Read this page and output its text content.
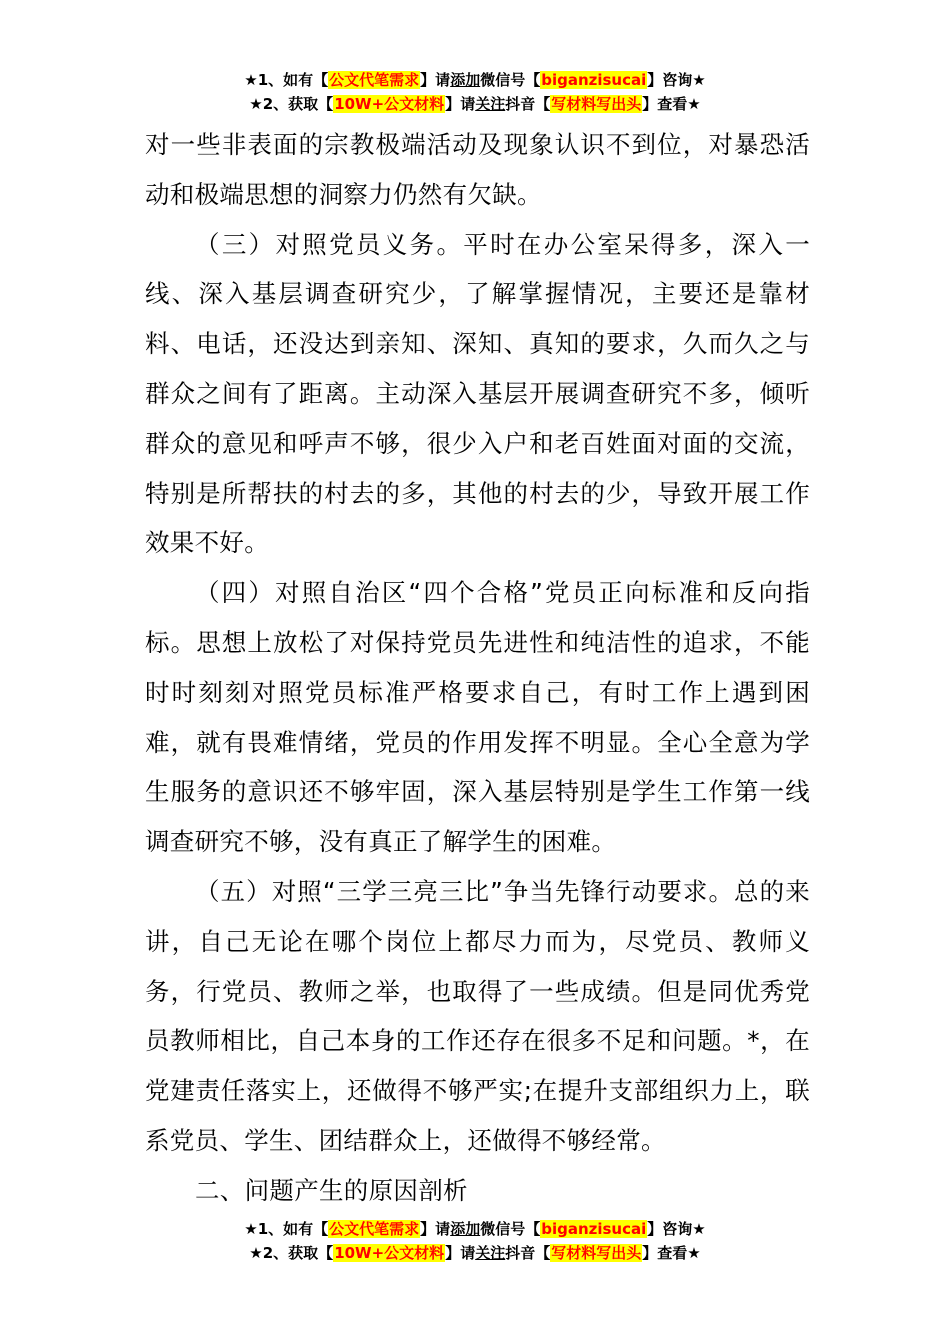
★1、如有【公文代笔需求】请添加微信号【biganzisucai】咨询★
★2、获取【10W+公文材料】请关注抖音【写材料写出头】查看★

对一些非表面的宗教极端活动及现象认识不到位，对暴恐活动和极端思想的洞察力仍然有欠缺。

（三）对照党员义务。平时在办公室呆得多，深入一线、深入基层调查研究少，了解掌握情况，主要还是靠材料、电话，还没达到亲知、深知、真知的要求，久而久之与群众之间有了距离。主动深入基层开展调查研究不多，倾听群众的意见和呼声不够，很少入户和老百姓面对面的交流，特别是所帮扶的村去的多，其他的村去的少，导致开展工作效果不好。

（四）对照自治区“四个合格”党员正向标准和反向指标。思想上放松了对保持党员先进性和纯洁性的追求，不能时时刻刻对照党员标准严格要求自己，有时工作上遇到困难，就有畏难情绪，党员的作用发挥不明显。全心全意为学生服务的意识还不够牢固，深入基层特别是学生工作第一线调查研究不够，没有真正了解学生的困难。

（五）对照“三学三亮三比”争当先锋行动要求。总的来讲，自己无论在哪个岗位上都尽力而为，尽党员、教师义务，行党员、教师之举，也取得了一些成绩。但是同优秀党员教师相比，自己本身的工作还存在很多不足和问题。*，在党建责任落实上，还做得不够严实;在提升支部组织力上，联系党员、学生、团结群众上，还做得不够经常。

二、问题产生的原因剖析

★1、如有【公文代笔需求】请添加微信号【biganzisucai】咨询★
★2、获取【10W+公文材料】请关注抖音【写材料写出头】查看★
